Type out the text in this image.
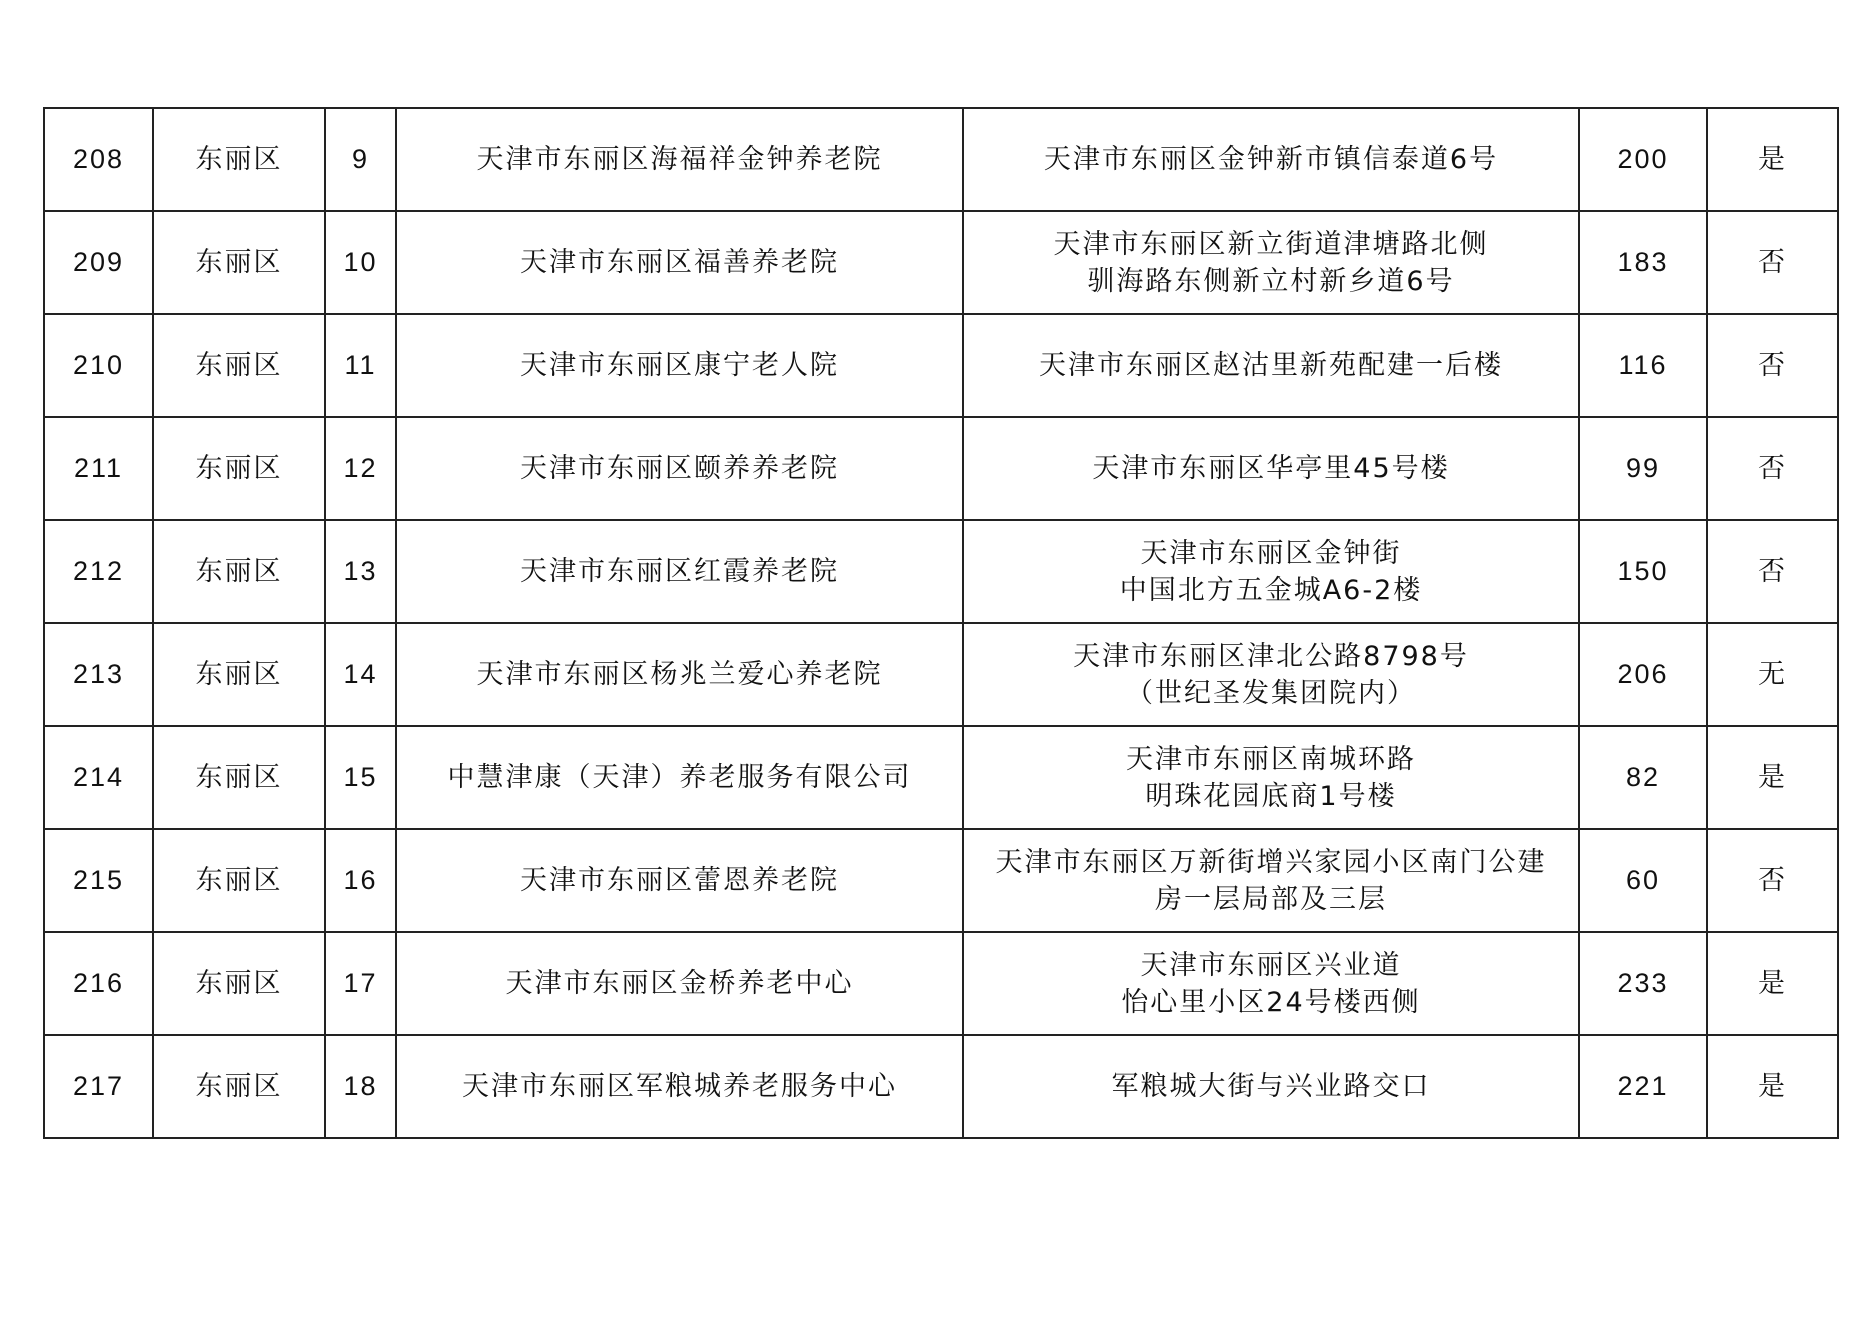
208	东丽区	9	天津市东丽区海福祥金钟养老院	天津市东丽区金钟新市镇信泰道6号	200	是
209	东丽区	10	天津市东丽区福善养老院	天津市东丽区新立街道津塘路北侧
驯海路东侧新立村新乡道6号	183	否
210	东丽区	11	天津市东丽区康宁老人院	天津市东丽区赵沽里新苑配建一后楼	116	否
211	东丽区	12	天津市东丽区颐养养老院	天津市东丽区华亭里45号楼	99	否
212	东丽区	13	天津市东丽区红霞养老院	天津市东丽区金钟街
中国北方五金城A6-2楼	150	否
213	东丽区	14	天津市东丽区杨兆兰爱心养老院	天津市东丽区津北公路8798号
（世纪圣发集团院内）	206	无
214	东丽区	15	中慧津康（天津）养老服务有限公司	天津市东丽区南城环路
明珠花园底商1号楼	82	是
215	东丽区	16	天津市东丽区蕾恩养老院	天津市东丽区万新街增兴家园小区南门公建
房一层局部及三层	60	否
216	东丽区	17	天津市东丽区金桥养老中心	天津市东丽区兴业道
怡心里小区24号楼西侧	233	是
217	东丽区	18	天津市东丽区军粮城养老服务中心	军粮城大街与兴业路交口	221	是
